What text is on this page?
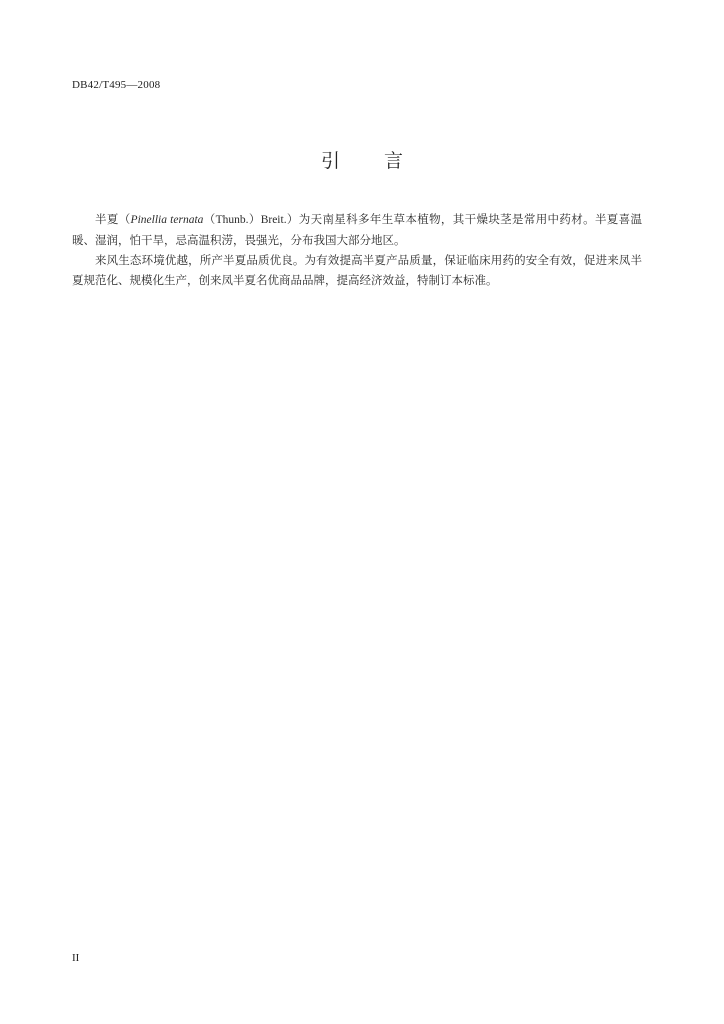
DB42/T495—2008
引 言

半夏（Pinellia ternata（Thunb.）Breit.）为天南星科多年生草本植物，其干燥块茎是常用中药材。半夏喜温暖、湿润，怕干旱，忌高温积涝，畏强光，分布我国大部分地区。

来风生态环境优越，所产半夏品质优良。为有效提高半夏产品质量，保证临床用药的安全有效，促进来凤半夏规范化、规模化生产，创来凤半夏名优商品品牌，提高经济效益，特制订本标准。

II
